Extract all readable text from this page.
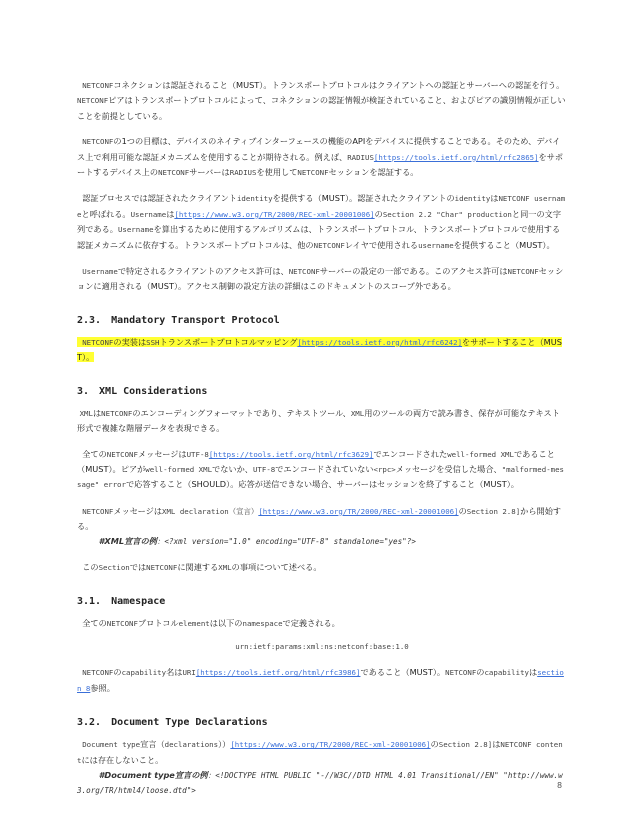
NETCONFコネクションは認証されること（MUST）。トランスポートプロトコルはクライアントへの認証とサーバーへの認証を行う。NETCONFピアはトランスポートプロトコルによって、コネクションの認証情報が検証されていること、およびピアの識別情報が正しいことを前提としている。

NETCONFの1つの目標は、デバイスのネイティブインターフェースの機能のAPIをデバイスに提供することである。そのため、デバイス上で利用可能な認証メカニズムを使用することが期待される。例えば、RADIUS[https://tools.ietf.org/html/rfc2865]をサポートするデバイス上のNETCONFサーバーはRADIUSを使用してNETCONFセッションを認証する。

認証プロセスでは認証されたクライアントidentityを提供する（MUST）。認証されたクライアントのidentityはNETCONF usernameと呼ばれる。Usernameは[https://www.w3.org/TR/2000/REC-xml-20001006]のSection 2.2 "Char" productionと同一の文字列である。Usernameを算出するために使用するアルゴリズムは、トランスポートプロトコル、トランスポートプロトコルで使用する認証メカニズムに依存する。トランスポートプロトコルは、他のNETCONFレイヤで使用されるusernameを提供すること（MUST）。

Usernameで特定されるクライアントのアクセス許可は、NETCONFサーバーの設定の一部である。このアクセス許可はNETCONFセッションに適用される（MUST）。アクセス制御の設定方法の詳細はこのドキュメントのスコープ外である。

2.3.　Mandatory Transport Protocol

NETCONFの実装はSSHトランスポートプロトコルマッピング[https://tools.ietf.org/html/rfc6242]をサポートすること（MUST）。

3.　XML Considerations

XMLはNETCONFのエンコーディングフォーマットであり、テキストツール、XML用のツールの両方で読み書き、保存が可能なテキスト形式で複雑な階層データを表現できる。

全てのNETCONFメッセージはUTF-8[https://tools.ietf.org/html/rfc3629]でエンコードされたwell-formed XMLであること（MUST）。ピアがwell-formed XMLでないか、UTF-8でエンコードされていない<rpc>メッセージを受信した場合、"malformed-message" errorで応答すること（SHOULD）。応答が送信できない場合、サーバーはセッションを終了すること（MUST）。

NETCONFメッセージはXML declaration（宣言）[https://www.w3.org/TR/2000/REC-xml-20001006]のSection 2.8]から開始する。
#XML宣言の例：<?xml version="1.0" encoding="UTF-8" standalone="yes"?>

このSectionではNETCONFに関連するXMLの事項について述べる。

3.1.　Namespace

全てのNETCONFプロトコルelementは以下のnamespaceで定義される。

urn:ietf:params:xml:ns:netconf:base:1.0

NETCONFのcapability名はURI[https://tools.ietf.org/html/rfc3986]であること（MUST）。NETCONFのcapabilityはsection 8参照。

3.2.　Document Type Declarations

Document type宣言（declarations））[https://www.w3.org/TR/2000/REC-xml-20001006]のSection 2.8]はNETCONF contentには存在しないこと。
#Document type宣言の例：<!DOCTYPE HTML PUBLIC "-//W3C//DTD HTML 4.01 Transitional//EN" "http://www.w3.org/TR/html4/loose.dtd">

8
